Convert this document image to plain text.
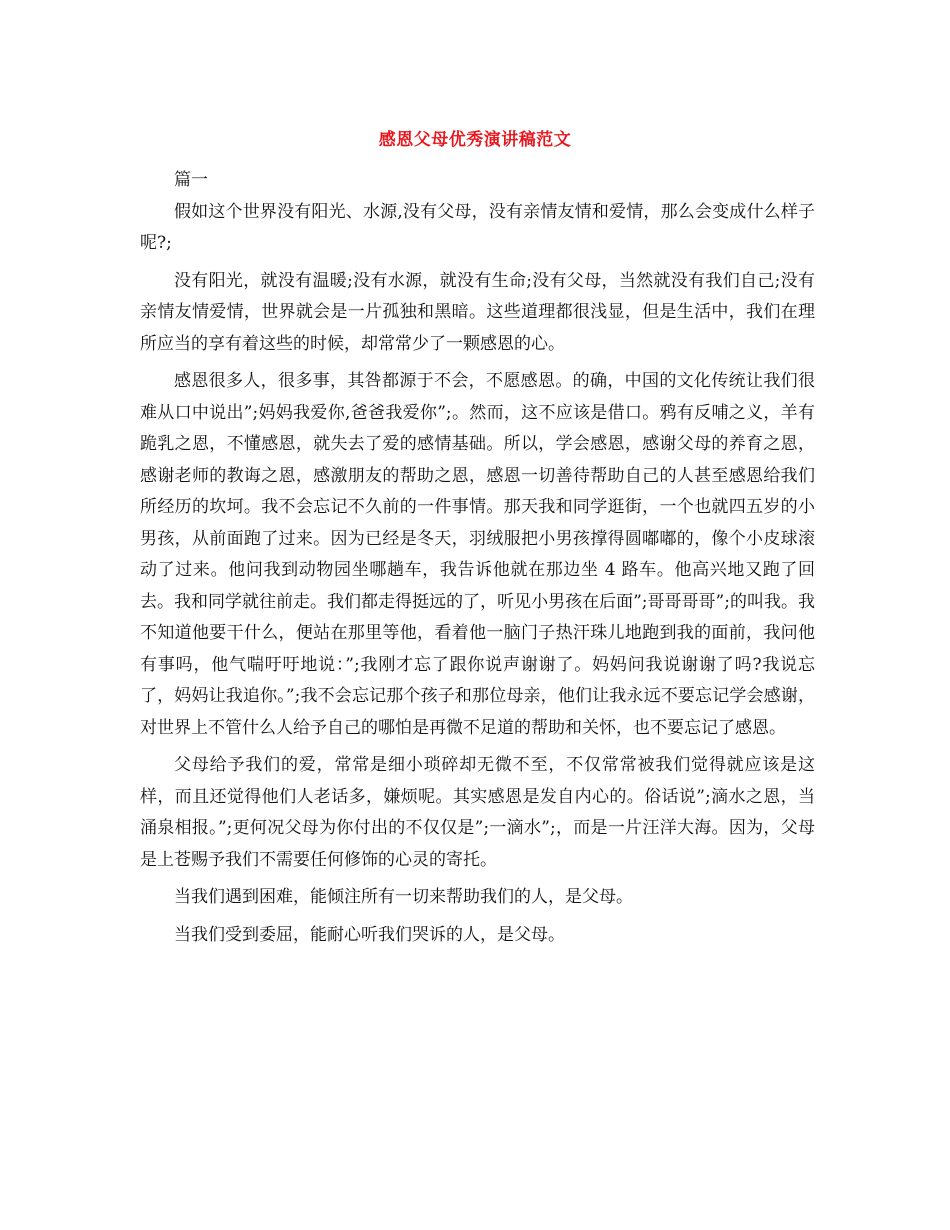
感恩父母优秀演讲稿范文

篇一

假如这个世界没有阳光、水源,没有父母，没有亲情友情和爱情，那么会变成什么样子呢?;

没有阳光，就没有温暖;没有水源，就没有生命;没有父母，当然就没有我们自己;没有亲情友情爱情，世界就会是一片孤独和黑暗。这些道理都很浅显，但是生活中，我们在理所应当的享有着这些的时候，却常常少了一颗感恩的心。

感恩很多人，很多事，其咎都源于不会，不愿感恩。的确，中国的文化传统让我们很难从口中说出”;妈妈我爱你,爸爸我爱你”;。然而，这不应该是借口。鸦有反哺之义，羊有跪乳之恩，不懂感恩，就失去了爱的感情基础。所以，学会感恩，感谢父母的养育之恩，感谢老师的教诲之恩，感激朋友的帮助之恩，感恩一切善待帮助自己的人甚至感恩给我们所经历的坎坷。我不会忘记不久前的一件事情。那天我和同学逛街，一个也就四五岁的小男孩，从前面跑了过来。因为已经是冬天，羽绒服把小男孩撑得圆嘟嘟的，像个小皮球滚动了过来。他问我到动物园坐哪趟车，我告诉他就在那边坐 4 路车。他高兴地又跑了回去。我和同学就往前走。我们都走得挺远的了，听见小男孩在后面”;哥哥哥哥”;的叫我。我不知道他要干什么，便站在那里等他，看着他一脑门子热汗珠儿地跑到我的面前，我问他有事吗，他气喘吁吁地说：”;我刚才忘了跟你说声谢谢了。妈妈问我说谢谢了吗?我说忘了，妈妈让我追你。”;我不会忘记那个孩子和那位母亲，他们让我永远不要忘记学会感谢，对世界上不管什么人给予自己的哪怕是再微不足道的帮助和关怀，也不要忘记了感恩。

父母给予我们的爱，常常是细小琐碎却无微不至，不仅常常被我们觉得就应该是这样，而且还觉得他们人老话多，嫌烦呢。其实感恩是发自内心的。俗话说”;滴水之恩，当涌泉相报。”;更何况父母为你付出的不仅仅是”;一滴水”;，而是一片汪洋大海。因为，父母是上苍赐予我们不需要任何修饰的心灵的寄托。

当我们遇到困难，能倾注所有一切来帮助我们的人，是父母。

当我们受到委屈，能耐心听我们哭诉的人，是父母。
